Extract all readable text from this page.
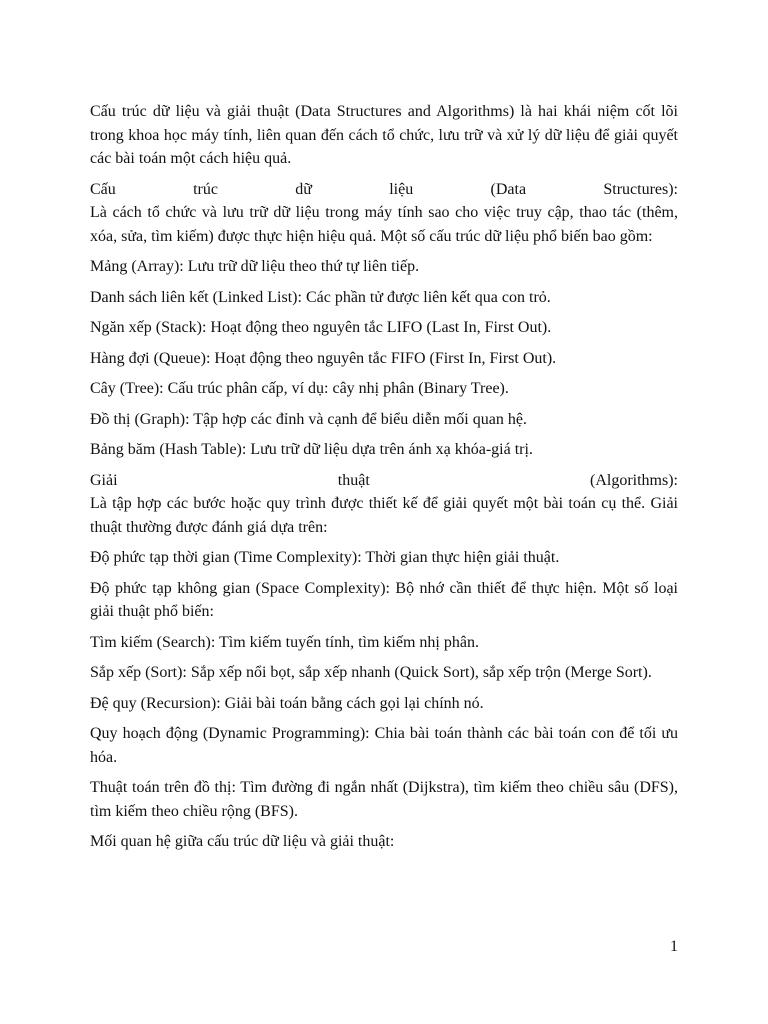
Cấu trúc dữ liệu và giải thuật (Data Structures and Algorithms) là hai khái niệm cốt lõi trong khoa học máy tính, liên quan đến cách tổ chức, lưu trữ và xử lý dữ liệu để giải quyết các bài toán một cách hiệu quả.

Cấu trúc dữ liệu (Data Structures):
Là cách tổ chức và lưu trữ dữ liệu trong máy tính sao cho việc truy cập, thao tác (thêm, xóa, sửa, tìm kiếm) được thực hiện hiệu quả. Một số cấu trúc dữ liệu phổ biến bao gồm:

Mảng (Array): Lưu trữ dữ liệu theo thứ tự liên tiếp.

Danh sách liên kết (Linked List): Các phần tử được liên kết qua con trỏ.

Ngăn xếp (Stack): Hoạt động theo nguyên tắc LIFO (Last In, First Out).

Hàng đợi (Queue): Hoạt động theo nguyên tắc FIFO (First In, First Out).

Cây (Tree): Cấu trúc phân cấp, ví dụ: cây nhị phân (Binary Tree).

Đồ thị (Graph): Tập hợp các đỉnh và cạnh để biểu diễn mối quan hệ.

Bảng băm (Hash Table): Lưu trữ dữ liệu dựa trên ánh xạ khóa-giá trị.

Giải thuật (Algorithms):
Là tập hợp các bước hoặc quy trình được thiết kế để giải quyết một bài toán cụ thể. Giải thuật thường được đánh giá dựa trên:

Độ phức tạp thời gian (Time Complexity): Thời gian thực hiện giải thuật.

Độ phức tạp không gian (Space Complexity): Bộ nhớ cần thiết để thực hiện. Một số loại giải thuật phổ biến:

Tìm kiếm (Search): Tìm kiếm tuyến tính, tìm kiếm nhị phân.

Sắp xếp (Sort): Sắp xếp nổi bọt, sắp xếp nhanh (Quick Sort), sắp xếp trộn (Merge Sort).

Đệ quy (Recursion): Giải bài toán bằng cách gọi lại chính nó.

Quy hoạch động (Dynamic Programming): Chia bài toán thành các bài toán con để tối ưu hóa.

Thuật toán trên đồ thị: Tìm đường đi ngắn nhất (Dijkstra), tìm kiếm theo chiều sâu (DFS), tìm kiếm theo chiều rộng (BFS).

Mối quan hệ giữa cấu trúc dữ liệu và giải thuật:

1
